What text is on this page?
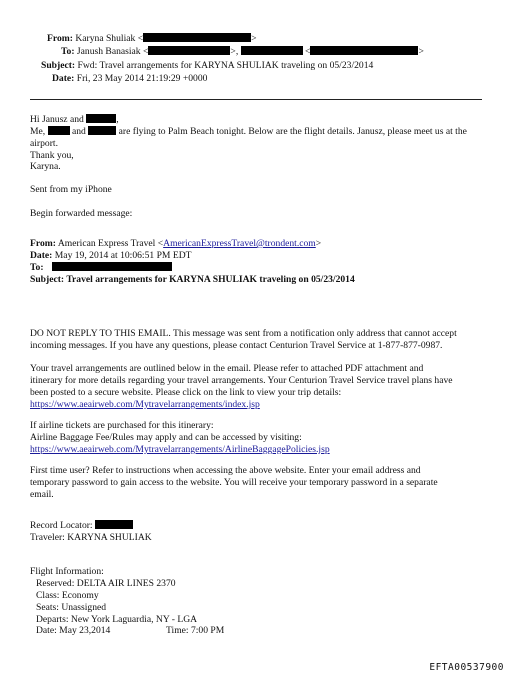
From: Karyna Shuliak <	>
To: Janush Banasiak <	>,	<	>
Subject: Fwd: Travel arrangements for KARYNA SHULIAK traveling on 05/23/2014
Date: Fri, 23 May 2014 21:19:29 +0000
Hi Janusz and	,
Me,	and	are flying to Palm Beach tonight. Below are the flight details. Janusz, please meet us at the
airport.
Thank you,
Karyna.
Sent from my iPhone
Begin forwarded message:
From: American Express Travel <AmericanExpressTravel@trondent.com>
Date: May 19, 2014 at 10:06:51 PM EDT
To:
Subject: Travel arrangements for KARYNA SHULIAK traveling on 05/23/2014
DO NOT REPLY TO THIS EMAIL. This message was sent from a notification only address that cannot accept
incoming messages. If you have any questions, please contact Centurion Travel Service at 1-877-877-0987.
Your travel arrangements are outlined below in the email. Please refer to attached PDF attachment and
itinerary for more details regarding your travel arrangements. Your Centurion Travel Service travel plans have
been posted to a secure website. Please click on the link to view your trip details:
https://www.aeairweb.com/Mytravelarrangements/index.jsp
If airline tickets are purchased for this itinerary:
Airline Baggage Fee/Rules may apply and can be accessed by visiting:
https://www.aeairweb.com/Mytravelarrangements/AirlineBaggagePolicies.jsp
First time user? Refer to instructions when accessing the above website. Enter your email address and
temporary password to gain access to the website. You will receive your temporary password in a separate
email.
Record Locator:
Traveler: KARYNA SHULIAK
Flight Information:
Reserved: DELTA AIR LINES 2370
Class: Economy
Seats: Unassigned
Departs: New York Laguardia, NY - LGA
Date: May 23,2014	Time: 7:00 PM
EFTA00537900
